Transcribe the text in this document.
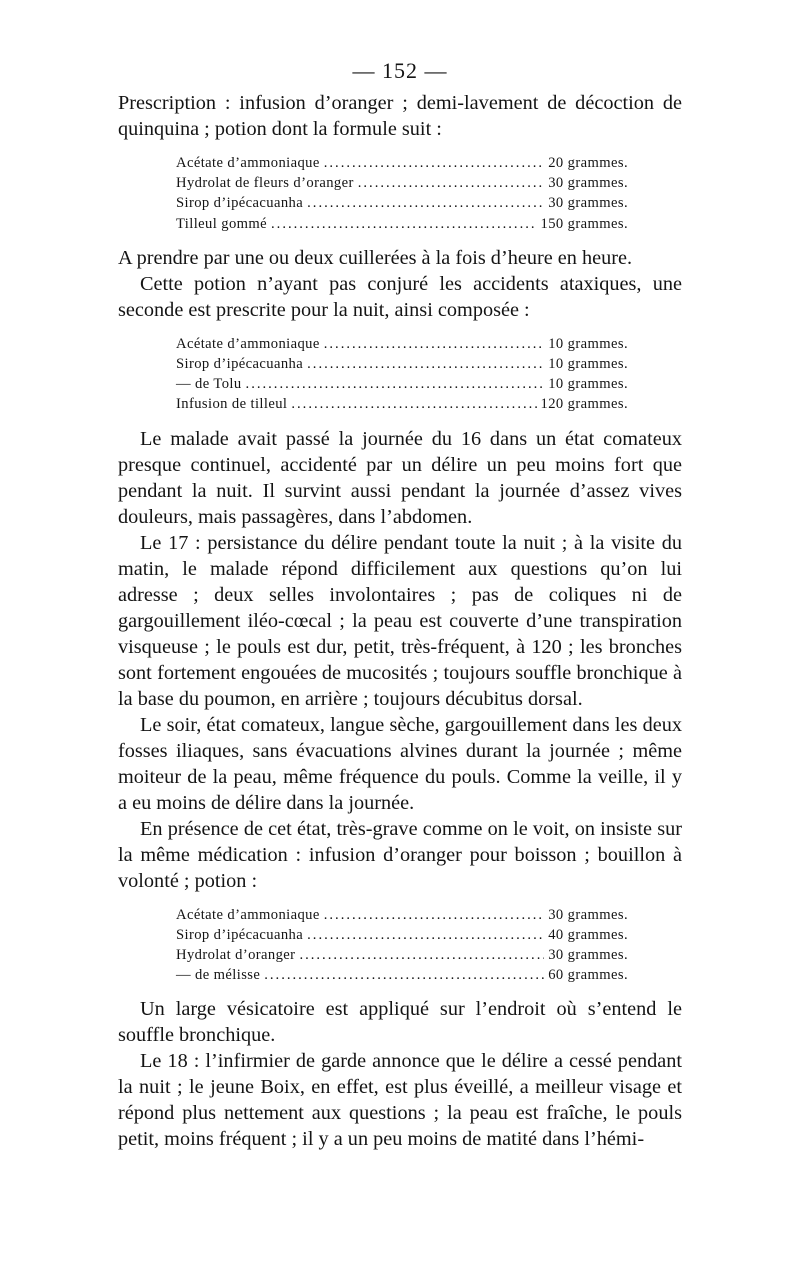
— 152 —

Prescription : infusion d’oranger ; demi-lavement de décoction de quinquina ; potion dont la formule suit :

Acétate d’ammoniaque .....	20 grammes.
Hydrolat de fleurs d’oranger .....	30 grammes.
Sirop d’ipécacuanha .....	30 grammes.
Tilleul gommé .....	150 grammes.

A prendre par une ou deux cuillerées à la fois d’heure en heure.

Cette potion n’ayant pas conjuré les accidents ataxiques, une seconde est prescrite pour la nuit, ainsi composée :

Acétate d’ammoniaque .....	10 grammes.
Sirop d’ipécacuanha .....	10 grammes.
— de Tolu .....	10 grammes.
Infusion de tilleul .....	120 grammes.

Le malade avait passé la journée du 16 dans un état comateux presque continuel, accidenté par un délire un peu moins fort que pendant la nuit. Il survint aussi pendant la journée d’assez vives douleurs, mais passagères, dans l’abdomen.

Le 17 : persistance du délire pendant toute la nuit ; à la visite du matin, le malade répond difficilement aux questions qu’on lui adresse ; deux selles involontaires ; pas de coliques ni de gargouillement iléo-cœcal ; la peau est couverte d’une transpiration visqueuse ; le pouls est dur, petit, très-fréquent, à 120 ; les bronches sont fortement engouées de mucosités ; toujours souffle bronchique à la base du poumon, en arrière ; toujours décubitus dorsal.

Le soir, état comateux, langue sèche, gargouillement dans les deux fosses iliaques, sans évacuations alvines durant la journée ; même moiteur de la peau, même fréquence du pouls. Comme la veille, il y a eu moins de délire dans la journée.

En présence de cet état, très-grave comme on le voit, on insiste sur la même médication : infusion d’oranger pour boisson ; bouillon à volonté ; potion :

Acétate d’ammoniaque .....	30 grammes.
Sirop d’ipécacuanha .....	40 grammes.
Hydrolat d’oranger .....	30 grammes.
— de mélisse .....	60 grammes.

Un large vésicatoire est appliqué sur l’endroit où s’entend le souffle bronchique.

Le 18 : l’infirmier de garde annonce que le délire a cessé pendant la nuit ; le jeune Boix, en effet, est plus éveillé, a meilleur visage et répond plus nettement aux questions ; la peau est fraîche, le pouls petit, moins fréquent ; il y a un peu moins de matité dans l’hémi-
